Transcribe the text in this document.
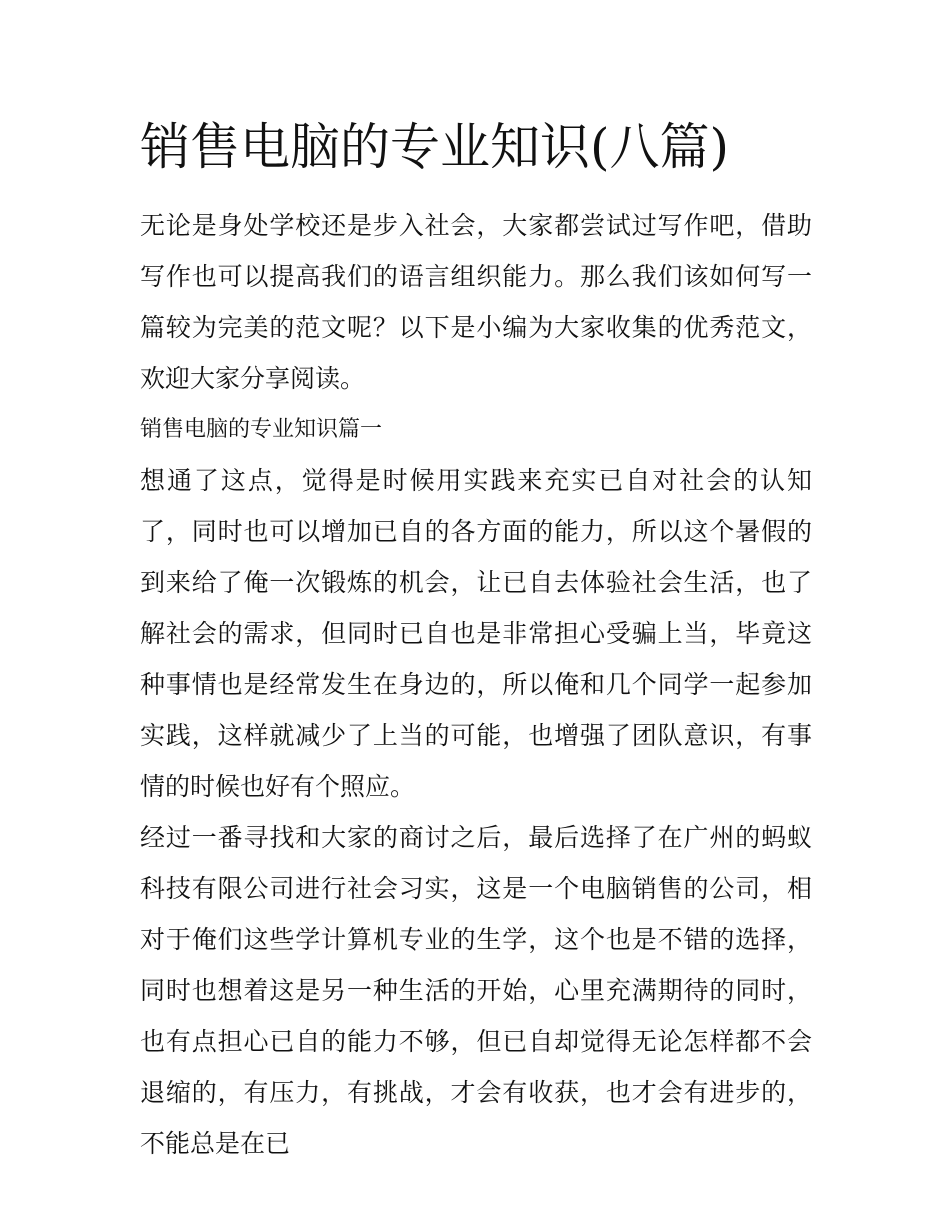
销售电脑的专业知识(八篇)

无论是身处学校还是步入社会，大家都尝试过写作吧，借助写作也可以提高我们的语言组织能力。那么我们该如何写一篇较为完美的范文呢？以下是小编为大家收集的优秀范文，欢迎大家分享阅读。

销售电脑的专业知识篇一

想通了这点，觉得是时候用实践来充实已自对社会的认知了，同时也可以增加已自的各方面的能力，所以这个暑假的到来给了俺一次锻炼的机会，让已自去体验社会生活，也了解社会的需求，但同时已自也是非常担心受骗上当，毕竟这种事情也是经常发生在身边的，所以俺和几个同学一起参加实践，这样就减少了上当的可能，也增强了团队意识，有事情的时候也好有个照应。

经过一番寻找和大家的商讨之后，最后选择了在广州的蚂蚁科技有限公司进行社会习实，这是一个电脑销售的公司，相对于俺们这些学计算机专业的生学，这个也是不错的选择，同时也想着这是另一种生活的开始，心里充满期待的同时，也有点担心已自的能力不够，但已自却觉得无论怎样都不会退缩的，有压力，有挑战，才会有收获，也才会有进步的，不能总是在已
